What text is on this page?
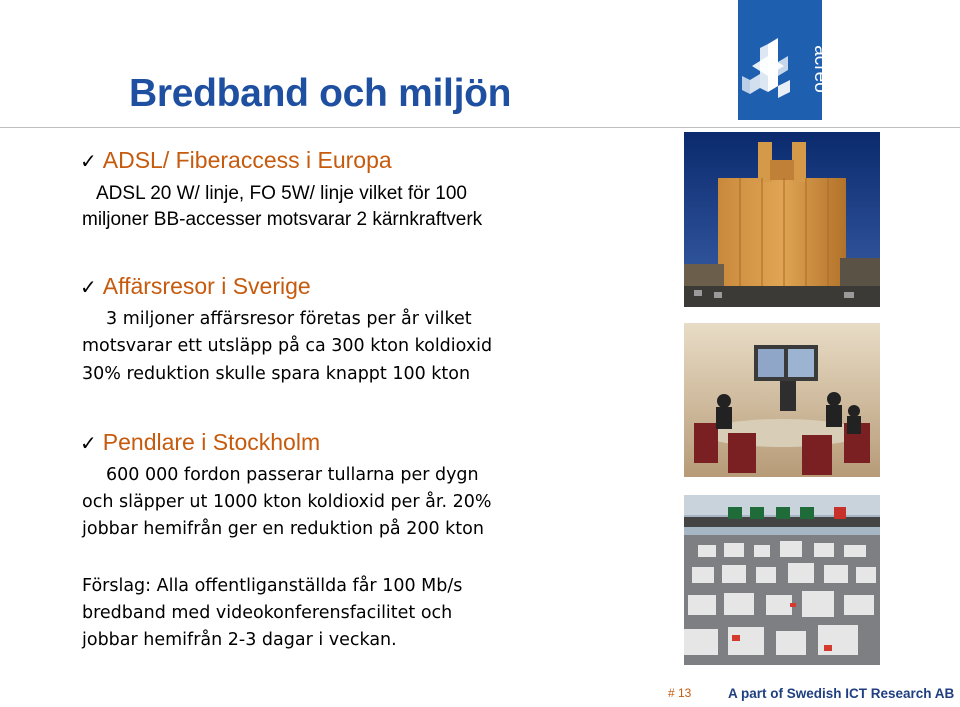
Bredband och miljön
acreo
✓ ADSL/ Fiberaccess i Europa
ADSL 20 W/ linje, FO 5W/ linje vilket för 100
miljoner BB-accesser motsvarar 2 kärnkraftverk
✓ Affärsresor i Sverige
3 miljoner affärsresor företas per år vilket
motsvarar ett utsläpp på ca 300 kton koldioxid
30% reduktion skulle spara knappt 100 kton
✓ Pendlare i Stockholm
600 000 fordon passerar tullarna per dygn
och släpper ut 1000 kton koldioxid per år. 20%
jobbar hemifrån ger en reduktion på 200 kton
Förslag: Alla offentliganställda får 100 Mb/s
bredband med videokonferensfacilitet och
jobbar hemifrån 2-3 dagar i veckan.
# 13	A part of Swedish ICT Research AB
